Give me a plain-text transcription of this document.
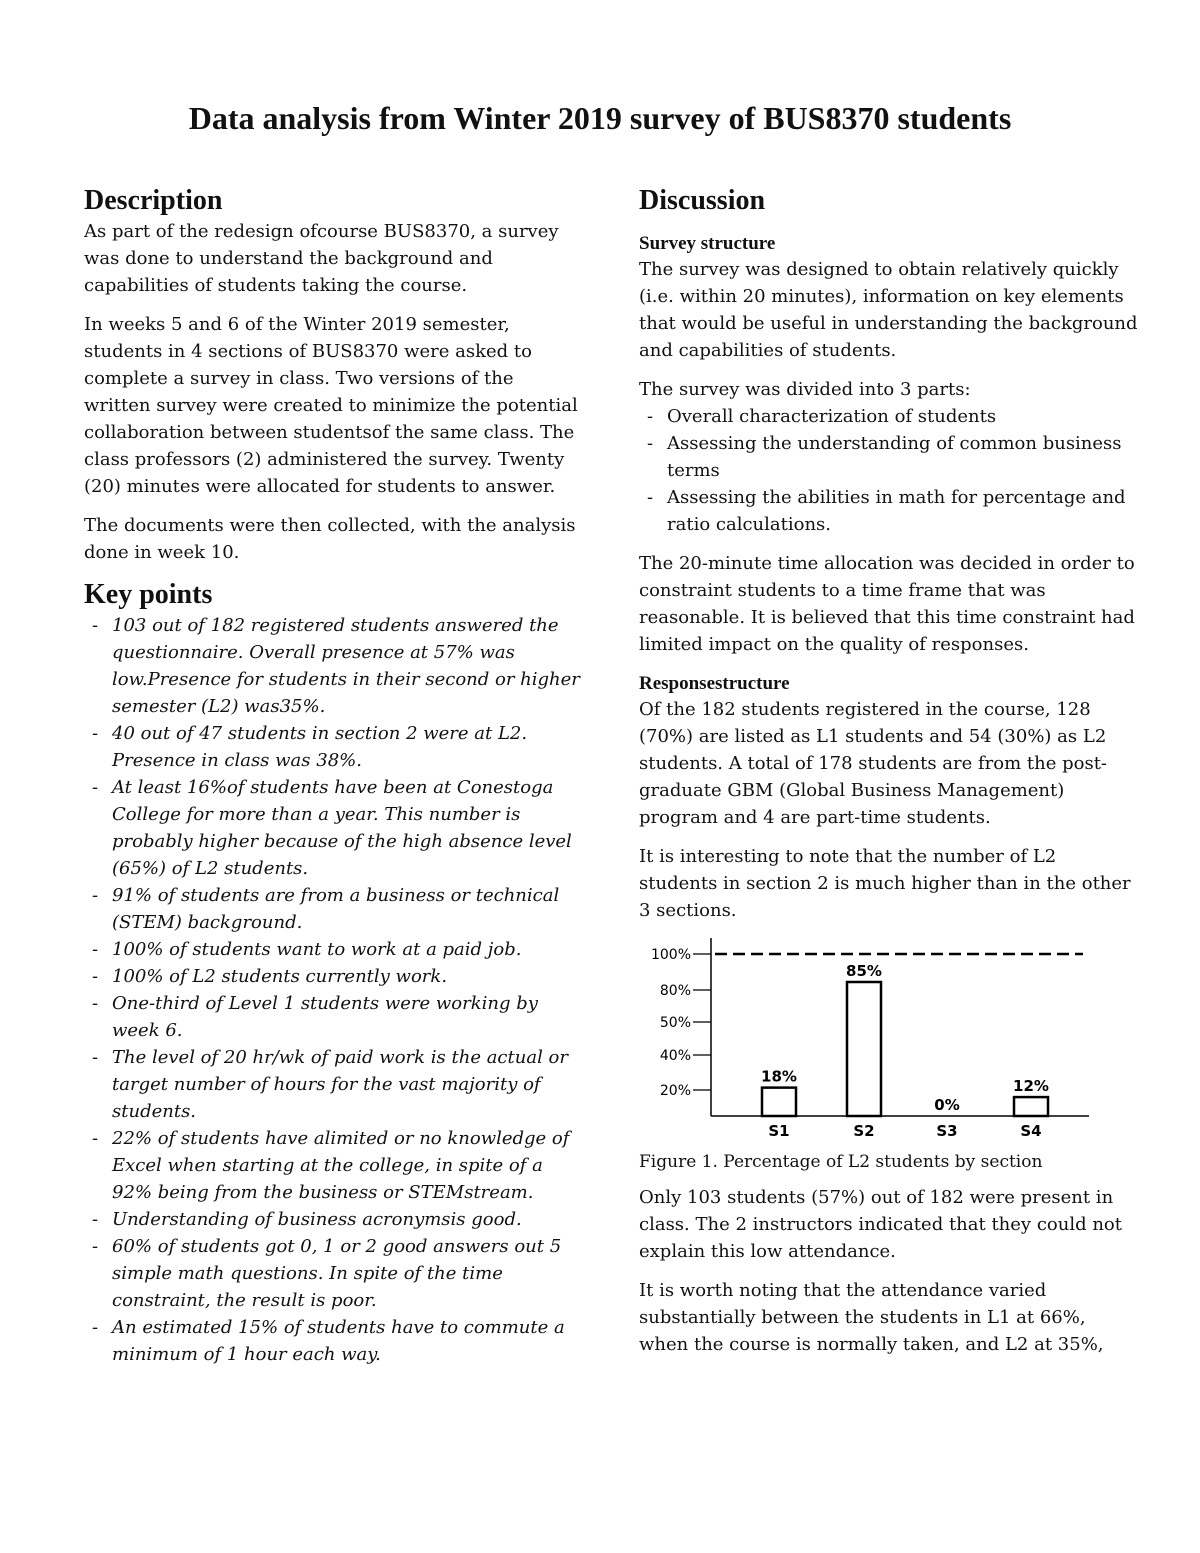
Data analysis from Winter 2019 survey of BUS8370 students
Description

As part of the redesign ofcourse BUS8370, a survey was done to understand the background and capabilities of students taking the course.

In weeks 5 and 6 of the Winter 2019 semester, students in 4 sections of BUS8370 were asked to complete a survey in class. Two versions of the written survey were created to minimize the potential collaboration between studentsof the same class. The class professors (2) administered the survey. Twenty (20) minutes were allocated for students to answer.

The documents were then collected, with the analysis done in week 10.

Key points
- 103 out of 182 registered students answered the questionnaire. Overall presence at 57% was low.Presence for students in their second or higher semester (L2) was35%.
- 40 out of 47 students in section 2 were at L2. Presence in class was 38%.
- At least 16%of students have been at Conestoga College for more than a year. This number is probably higher because of the high absence level (65%) of L2 students.
- 91% of students are from a business or technical (STEM) background.
- 100% of students want to work at a paid job.
- 100% of L2 students currently work.
- One-third of Level 1 students were working by week 6.
- The level of 20 hr/wk of paid work is the actual or target number of hours for the vast majority of students.
- 22% of students have alimited or no knowledge of Excel when starting at the college, in spite of a 92% being from the business or STEMstream.
- Understanding of business acronymsis good.
- 60% of students got 0, 1 or 2 good answers out 5 simple math questions. In spite of the time constraint, the result is poor.
- An estimated 15% of students have to commute a minimum of 1 hour each way.
Discussion
Survey structure

The survey was designed to obtain relatively quickly (i.e. within 20 minutes), information on key elements that would be useful in understanding the background and capabilities of students.

The survey was divided into 3 parts:

- Overall characterization of students
- Assessing the understanding of common business terms
- Assessing the abilities in math for percentage and ratio calculations.

The 20-minute time allocation was decided in order to constraint students to a time frame that was reasonable. It is believed that this time constraint had limited impact on the quality of responses.

Responsestructure

Of the 182 students registered in the course, 128 (70%) are listed as L1 students and 54 (30%) as L2 students. A total of 178 students are from the post-graduate GBM (Global Business Management) program and 4 are part-time students.

It is interesting to note that the number of L2 students in section 2 is much higher than in the other 3 sections.

100%
80%
50%
40%
20%
18%
S1
85%
S2
0%
S3
12%
S4

Figure 1. Percentage of L2 students by section

Only 103 students (57%) out of 182 were present in class. The 2 instructors indicated that they could not explain this low attendance.

It is worth noting that the attendance varied substantially between the students in L1 at 66%, when the course is normally taken, and L2 at 35%,
